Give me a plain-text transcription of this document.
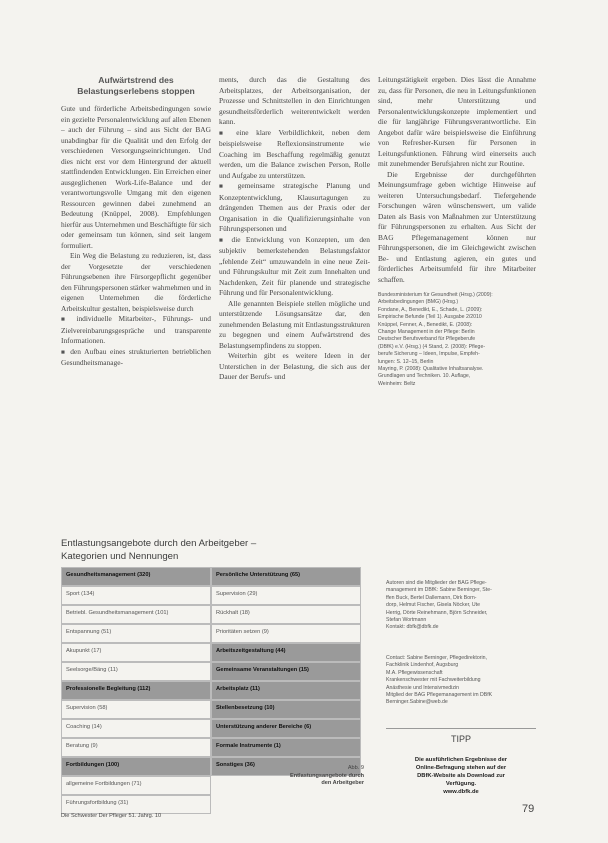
Aufwärtstrend des
Belastungserlebens stoppen

Gute und förderliche Arbeitsbedingungen sowie ein gezielte Personalentwicklung auf allen Ebenen – auch der Führung – sind aus Sicht der BAG unabdingbar für die Qualität und den Erfolg der verschiedenen Versorgungseinrichtungen. Und dies nicht erst vor dem Hintergrund der aktuell stattfindenden Entwicklungen. Ein Erreichen einer ausgeglichenen Work-Life-Balance und der verantwortungsvolle Umgang mit den eigenen Ressourcen gewinnen dabei zunehmend an Bedeutung (Knüppel, 2008). Empfehlungen hierfür aus Unternehmen und Beschäftigte für sich oder gemeinsam tun können, sind seit langem formuliert.

Ein Weg die Belastung zu reduzieren, ist, dass der Vorgesetzte der verschiedenen Führungsebenen ihre Fürsorgepflicht gegenüber den Führungspersonen stärker wahrnehmen und in eigenen Unternehmen die förderliche Arbeitskultur gestalten, beispielsweise durch

■ individuelle Mitarbeiter-, Führungs- und Zielvereinbarungsgespräche und transparente Informationen.

■ den Aufbau eines strukturierten betrieblichen Gesundheitsmanage-

ments, durch das die Gestaltung des Arbeitsplatzes, der Arbeitsorganisation, der Prozesse und Schnittstellen in den Einrichtungen gesundheitsförderlich weiterentwickelt werden kann.

■ eine klare Verbildlichkeit, neben dem beispielsweise Reflexionsinstrumente wie Coaching im Beschaffung regelmäßig genutzt werden, um die Balance zwischen Person, Rolle und Aufgabe zu unterstützen.

■ gemeinsame strategische Planung und Konzeptentwicklung, Klausurtagungen zu drängenden Themen aus der Praxis oder der Organisation in die Qualifizierungsinhalte von Führungspersonen und

■ die Entwicklung von Konzepten, um den subjektiv bemerkstehenden Belastungsfaktor „fehlende Zeit“ umzuwandeln in eine neue Zeit- und Führungskultur mit Zeit zum Innehalten und Nachdenken, Zeit für planende und strategische Führung und für Personalentwicklung.

Alle genannten Beispiele stellen mögliche und unterstützende Lösungsansätze dar, den zunehmenden Belastung mit Entlastungsstrukturen zu begegnen und einem Aufwärtstrend des Belastungsempfindens zu stoppen.

Weiterhin gibt es weitere Ideen in der Unterstichen in der Belastung, die sich aus der Dauer der Berufs- und

Leitungstätigkeit ergeben. Dies lässt die Annahme zu, dass für Personen, die neu in Leitungsfunktionen sind, mehr Unterstützung und Personalentwicklungskonzepte implementiert und die für langjährige Führungsverantwortliche. Ein Angebot dafür wäre beispielsweise die Einführung von Refresher-Kursen für Personen in Leitungsfunktionen. Führung wird einerseits auch mit zunehmender Berufsjahren nicht zur Routine.

Die Ergebnisse der durchgeführten Meinungsumfrage geben wichtige Hinweise auf weiteren Untersuchungsbedarf. Tiefergehende Forschungen wären wünschenswert, um valide Daten als Basis von Maßnahmen zur Unterstützung für Führungspersonen zu erhalten. Aus Sicht der BAG Pflegemanagement können nur Führungspersonen, die im Gleichgewicht zwischen Be- und Entlastung agieren, ein gutes und förderliches Arbeitsumfeld für ihre Mitarbeiter schaffen.

Bundesministerium für Gesundheit (Hrsg.) (2009): Arbeitsbedingungen (BMG) (Hrsg.)
Fondane, A., Benedikt, E., Schade, L. (2009):
Empirische Befunde (Teil 1). Ausgabe 2/2010
Knüppel, Fenner, A., Benedikt, E. (2008):
Change Management in der Pflege: Berlin
Deutscher Berufsverband für Pflegeberufe
(DBfK) e.V. (Hrsg.) (4 Stand, 2. (2008): Pflege-
berufe Sicherung – Ideen, Impulse, Empfeh-
lungen: S. 12–15, Berlin
Mayring, P. (2008): Qualitative Inhaltsanalyse.
Grundlagen und Techniken. 10. Auflage,
Weinheim: Beltz
Entlastungsangebote durch den Arbeitgeber –
Kategorien und Nennungen
Gesundheitsmanagement (320)	Persönliche Unterstützung (65)
Sport (134)	Supervision (29)
Betriebl. Gesundheitsmanagement (101)	Rückhalt (18)
Entspannung (51)	Prioritäten setzen (9)
Akupunkt (17)	Arbeitszeitgestaltung (44)
Seelsorge/Bäng (11)	Gemeinsame Veranstaltungen (15)
Professionelle Begleitung (112)	Arbeitsplatz (11)
Supervision (58)	Stellenbesetzung (10)
Coaching (14)	Unterstützung anderer Bereiche (6)
Beratung (9)	Formale Instrumente (1)
Fortbildungen (100)	Sonstiges (36)
allgemeine Fortbildungen (71)
Führungsfortbildung (31)
Abb. 9
Entlastungsangebote durch
den Arbeitgeber
Autoren sind die Mitglieder der BAG Pflege-
management im DBfK: Sabine Berninger, Ste-
ffen Buck, Bertel Dallemann, Dirk Born-
dorp, Helmut Fischer, Gisela Nöcker, Ute
Herrig, Dörte Reinehmann, Björn Schneider,
Stefan Wortmann
Kontakt: dbfk@dbfk.de
Contact: Sabine Berninger, Pflegedirektorin,
Fachklinik Lindenhof, Augsburg
M.A. Pflegewissenschaft
Krankenschwester mit Fachweiterbildung
Anästhesie und Intensivmedizin
Mitglied der BAG Pflegemanagement im DBfK
Berninger.Sabine@web.de
TIPP
Die ausführlichen Ergebnisse der
Online-Befragung stehen auf der
DBfK-Website als Download zur
Verfügung.
www.dbfk.de
Die Schwester Der Pfleger 51. Jahrg. 10
79
